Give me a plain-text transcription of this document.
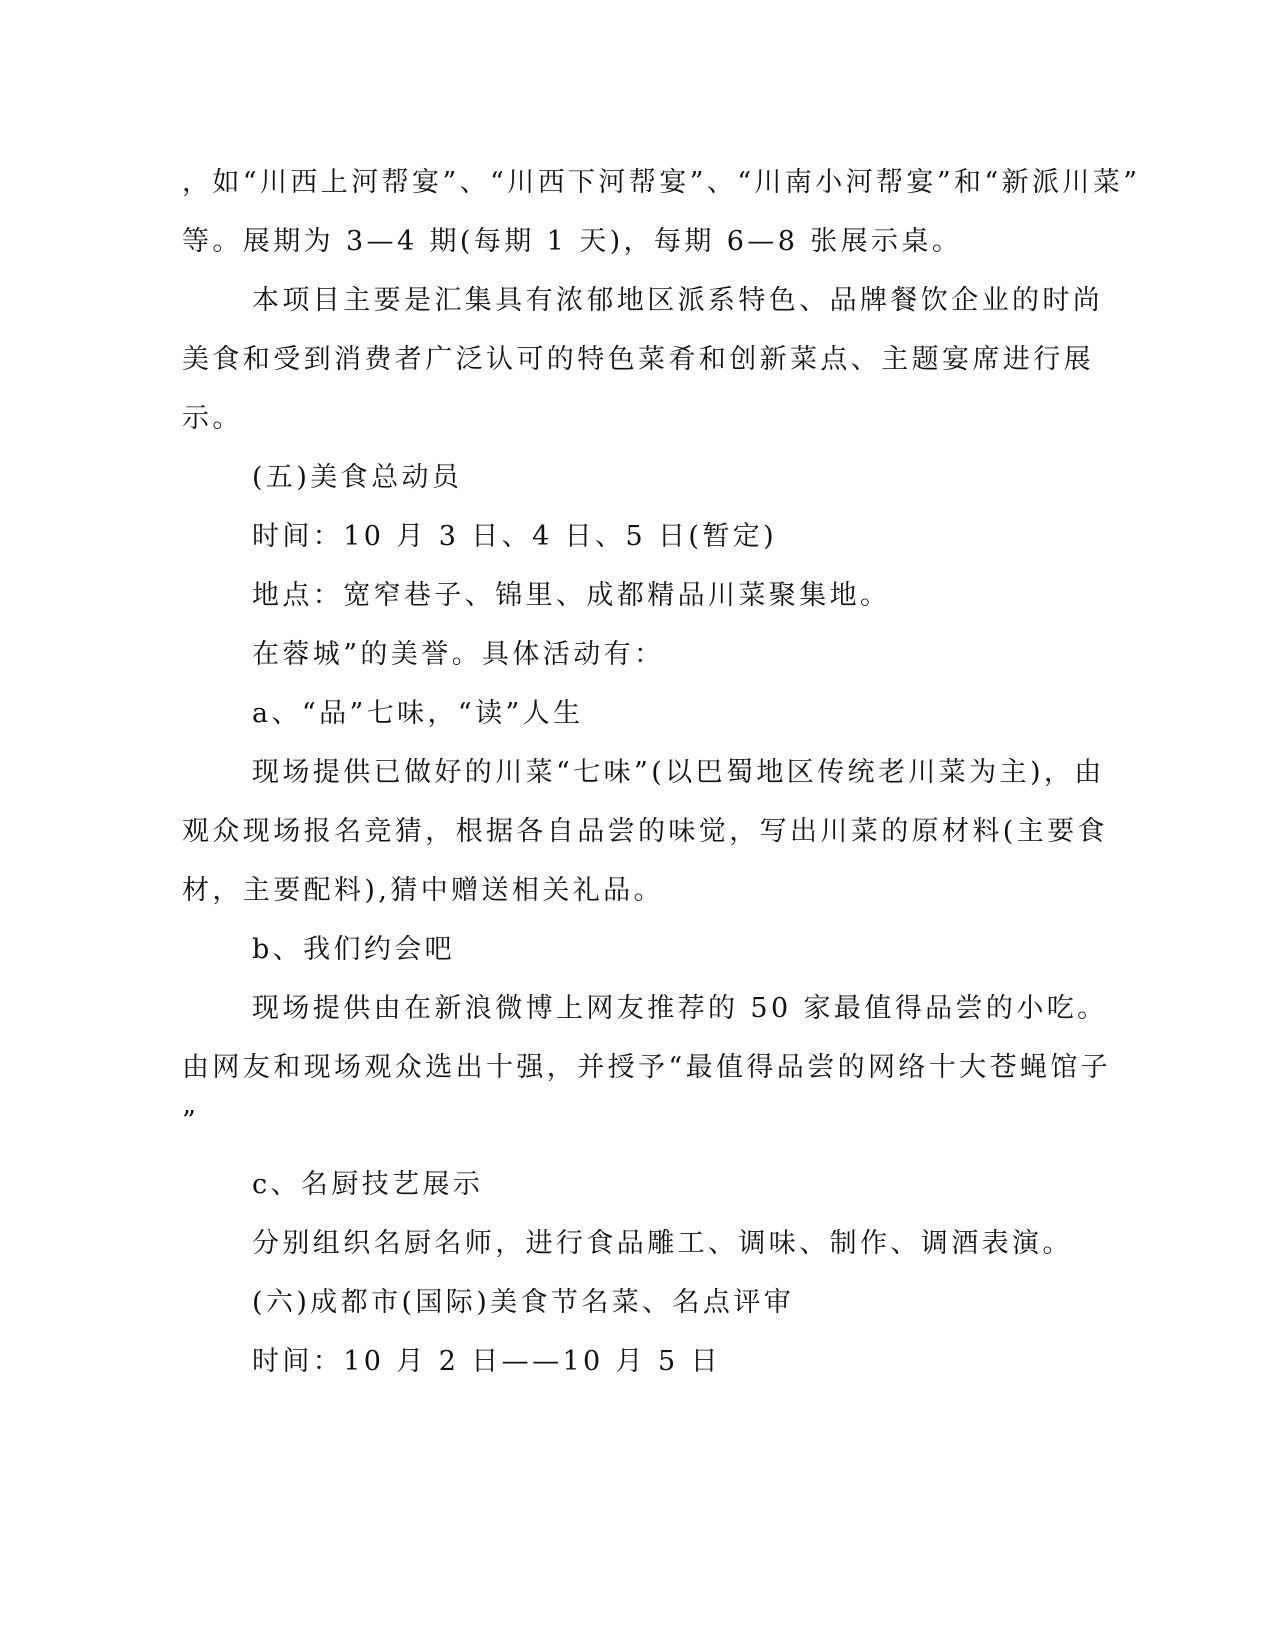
，如“川西上河帮宴”、“川西下河帮宴”、“川南小河帮宴”和“新派川菜”
等。展期为 3—4 期(每期 1 天)，每期 6—8 张展示桌。
本项目主要是汇集具有浓郁地区派系特色、品牌餐饮企业的时尚
美食和受到消费者广泛认可的特色菜肴和创新菜点、主题宴席进行展
示。
(五)美食总动员
时间：10 月 3 日、4 日、5 日(暂定)
地点：宽窄巷子、锦里、成都精品川菜聚集地。
在蓉城”的美誉。具体活动有：
a、“品”七味，“读”人生
现场提供已做好的川菜“七味”(以巴蜀地区传统老川菜为主)，由
观众现场报名竞猜，根据各自品尝的味觉，写出川菜的原材料(主要食
材，主要配料),猜中赠送相关礼品。
b、我们约会吧
现场提供由在新浪微博上网友推荐的 50 家最值得品尝的小吃。
由网友和现场观众选出十强，并授予“最值得品尝的网络十大苍蝇馆子
”
c、名厨技艺展示
分别组织名厨名师，进行食品雕工、调味、制作、调酒表演。
(六)成都市(国际)美食节名菜、名点评审
时间：10 月 2 日——10 月 5 日
